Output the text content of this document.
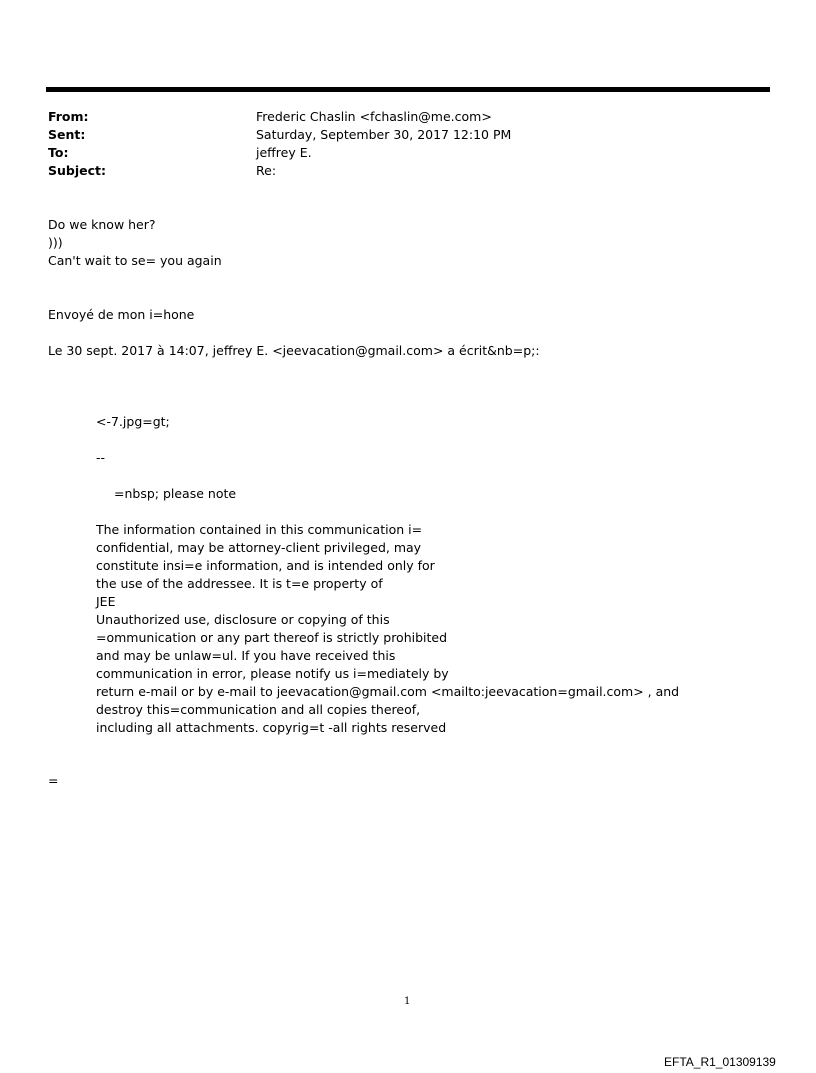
From:	Frederic Chaslin <fchaslin@me.com>
Sent:	Saturday, September 30, 2017 12:10 PM
To:	jeffrey E.
Subject:	Re:
Do we know her?
)))
Can't wait to se= you again
Envoyé de mon i=hone
Le 30 sept. 2017 à 14:07, jeffrey E. <jeevacation@gmail.com> a écrit&nb=p;:
<-7.jpg=gt;
--
=nbsp; please note
The information contained in this communication i=
confidential, may be attorney-client privileged, may
constitute insi=e information, and is intended only for
the use of the addressee. It is t=e property of
JEE
Unauthorized use, disclosure or copying of this
=ommunication or any part thereof is strictly prohibited
and may be unlaw=ul. If you have received this
communication in error, please notify us i=mediately by
return e-mail or by e-mail to jeevacation@gmail.com <mailto:jeevacation=gmail.com> , and
destroy this=communication and all copies thereof,
including all attachments. copyrig=t -all rights reserved
=
1
EFTA_R1_01309139
